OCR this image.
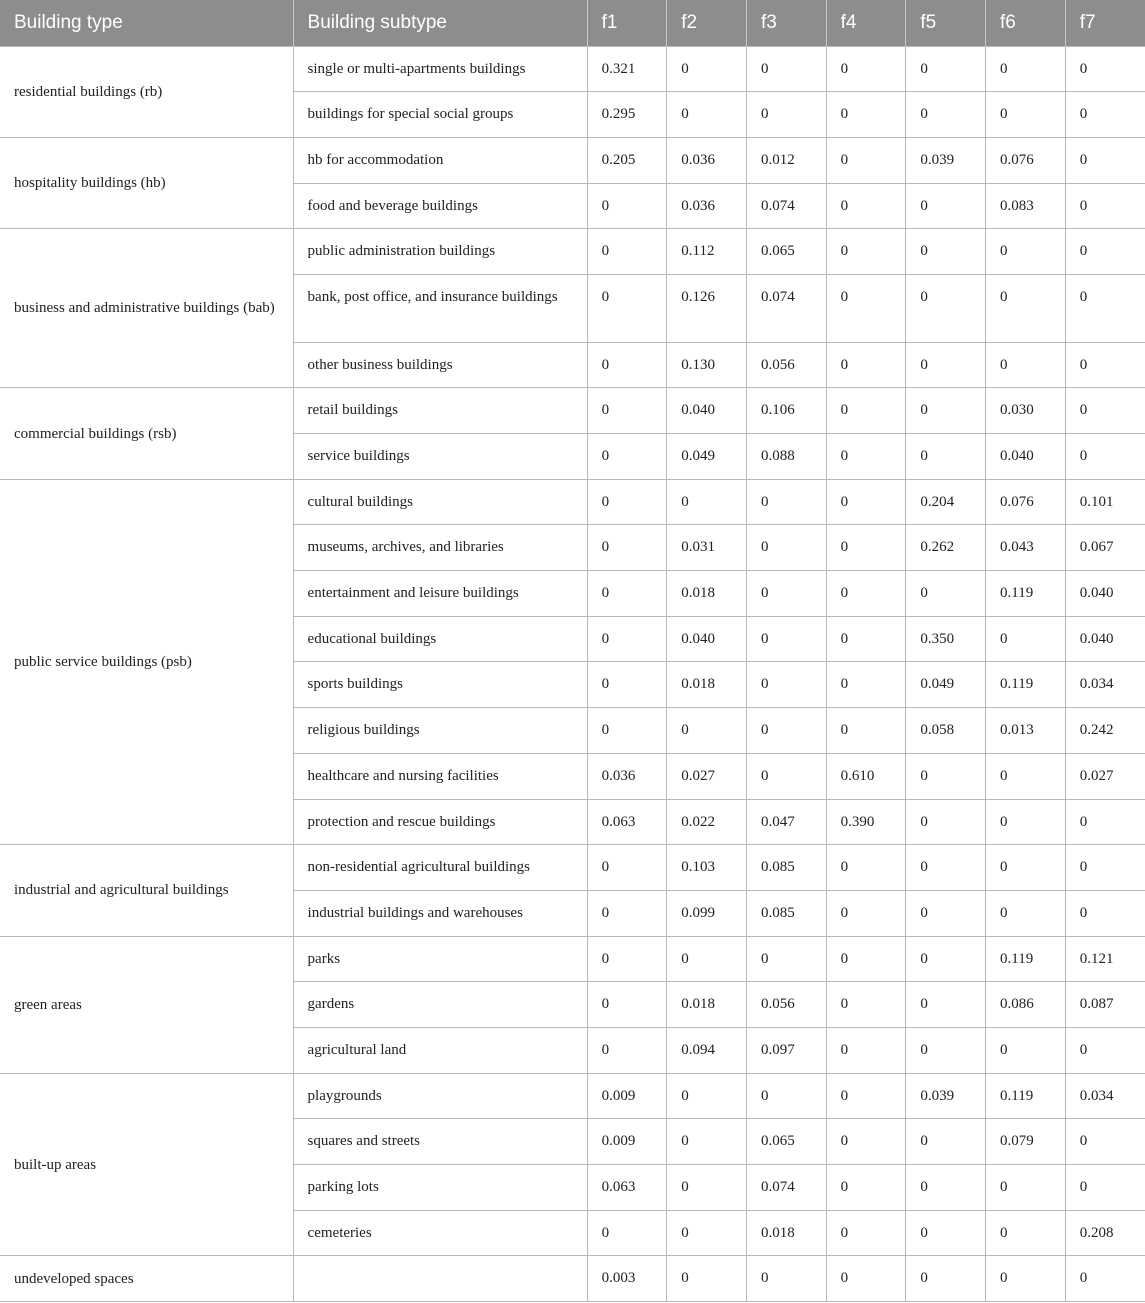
Building type	Building subtype	f1	f2	f3	f4	f5	f6	f7
residential buildings (rb)	single or multi-apartments buildings	0.321	0	0	0	0	0	0
	buildings for special social groups	0.295	0	0	0	0	0	0
hospitality buildings (hb)	hb for accommodation	0.205	0.036	0.012	0	0.039	0.076	0
	food and beverage buildings	0	0.036	0.074	0	0	0.083	0
business and administrative buildings (bab)	public administration buildings	0	0.112	0.065	0	0	0	0
	bank, post office, and insurance buildings	0	0.126	0.074	0	0	0	0
	other business buildings	0	0.130	0.056	0	0	0	0
commercial buildings (rsb)	retail buildings	0	0.040	0.106	0	0	0.030	0
	service buildings	0	0.049	0.088	0	0	0.040	0
public service buildings (psb)	cultural buildings	0	0	0	0	0.204	0.076	0.101
	museums, archives, and libraries	0	0.031	0	0	0.262	0.043	0.067
	entertainment and leisure buildings	0	0.018	0	0	0	0.119	0.040
	educational buildings	0	0.040	0	0	0.350	0	0.040
	sports buildings	0	0.018	0	0	0.049	0.119	0.034
	religious buildings	0	0	0	0	0.058	0.013	0.242
	healthcare and nursing facilities	0.036	0.027	0	0.610	0	0	0.027
	protection and rescue buildings	0.063	0.022	0.047	0.390	0	0	0
industrial and agricultural buildings	non-residential agricultural buildings	0	0.103	0.085	0	0	0	0
	industrial buildings and warehouses	0	0.099	0.085	0	0	0	0
green areas	parks	0	0	0	0	0	0.119	0.121
	gardens	0	0.018	0.056	0	0	0.086	0.087
	agricultural land	0	0.094	0.097	0	0	0	0
built-up areas	playgrounds	0.009	0	0	0	0.039	0.119	0.034
	squares and streets	0.009	0	0.065	0	0	0.079	0
	parking lots	0.063	0	0.074	0	0	0	0
	cemeteries	0	0	0.018	0	0	0	0.208
undeveloped spaces		0.003	0	0	0	0	0	0
